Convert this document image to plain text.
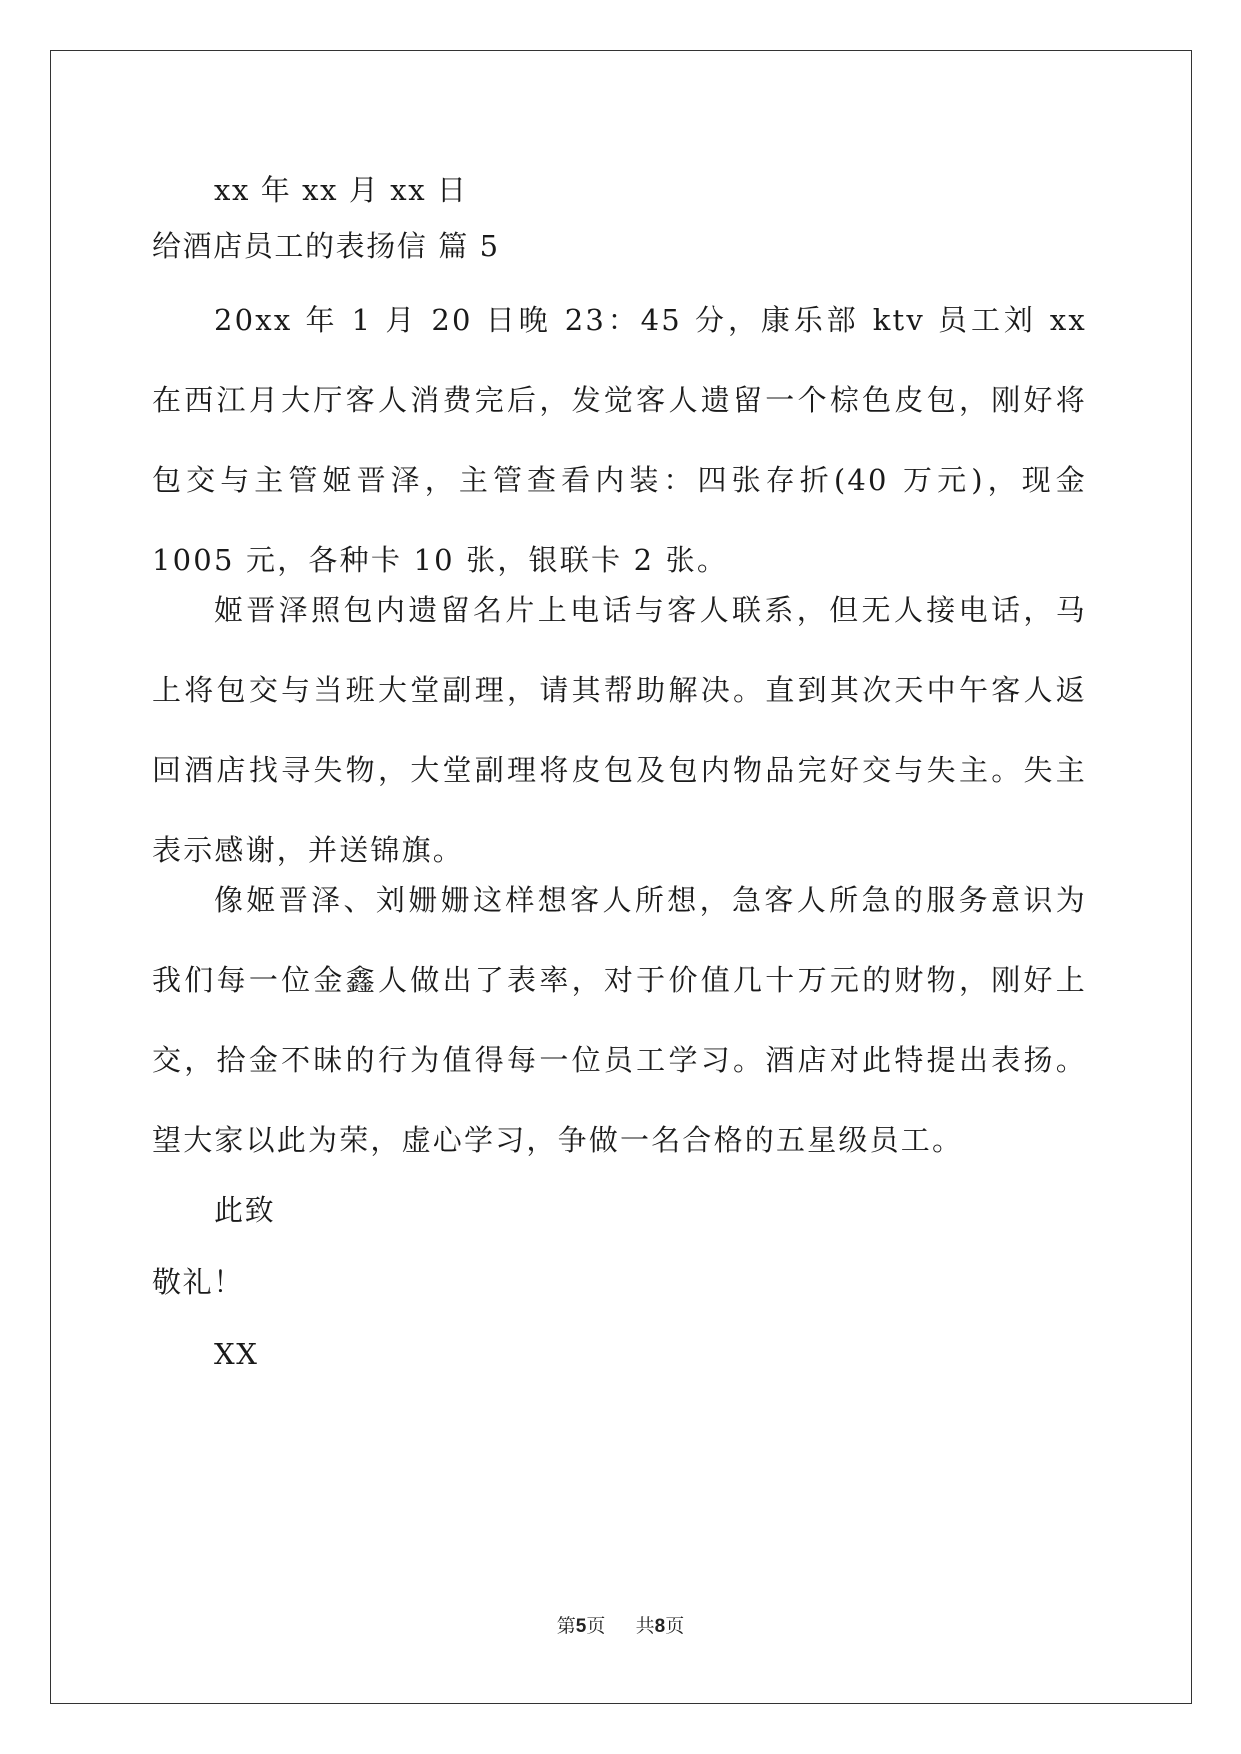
xx 年 xx 月 xx 日
给酒店员工的表扬信 篇 5

20xx 年 1 月 20 日晚 23：45 分，康乐部 ktv 员工刘 xx 在西江月大厅客人消费完后，发觉客人遗留一个棕色皮包，刚好将包交与主管姬晋泽，主管查看内装：四张存折(40 万元)，现金 1005 元，各种卡 10 张，银联卡 2 张。

姬晋泽照包内遗留名片上电话与客人联系，但无人接电话，马上将包交与当班大堂副理，请其帮助解决。直到其次天中午客人返回酒店找寻失物，大堂副理将皮包及包内物品完好交与失主。失主表示感谢，并送锦旗。

像姬晋泽、刘姗姗这样想客人所想，急客人所急的服务意识为我们每一位金鑫人做出了表率，对于价值几十万元的财物，刚好上交，拾金不昧的行为值得每一位员工学习。酒店对此特提出表扬。望大家以此为荣，虚心学习，争做一名合格的五星级员工。

此致
敬礼！
XX
第5页 共8页
